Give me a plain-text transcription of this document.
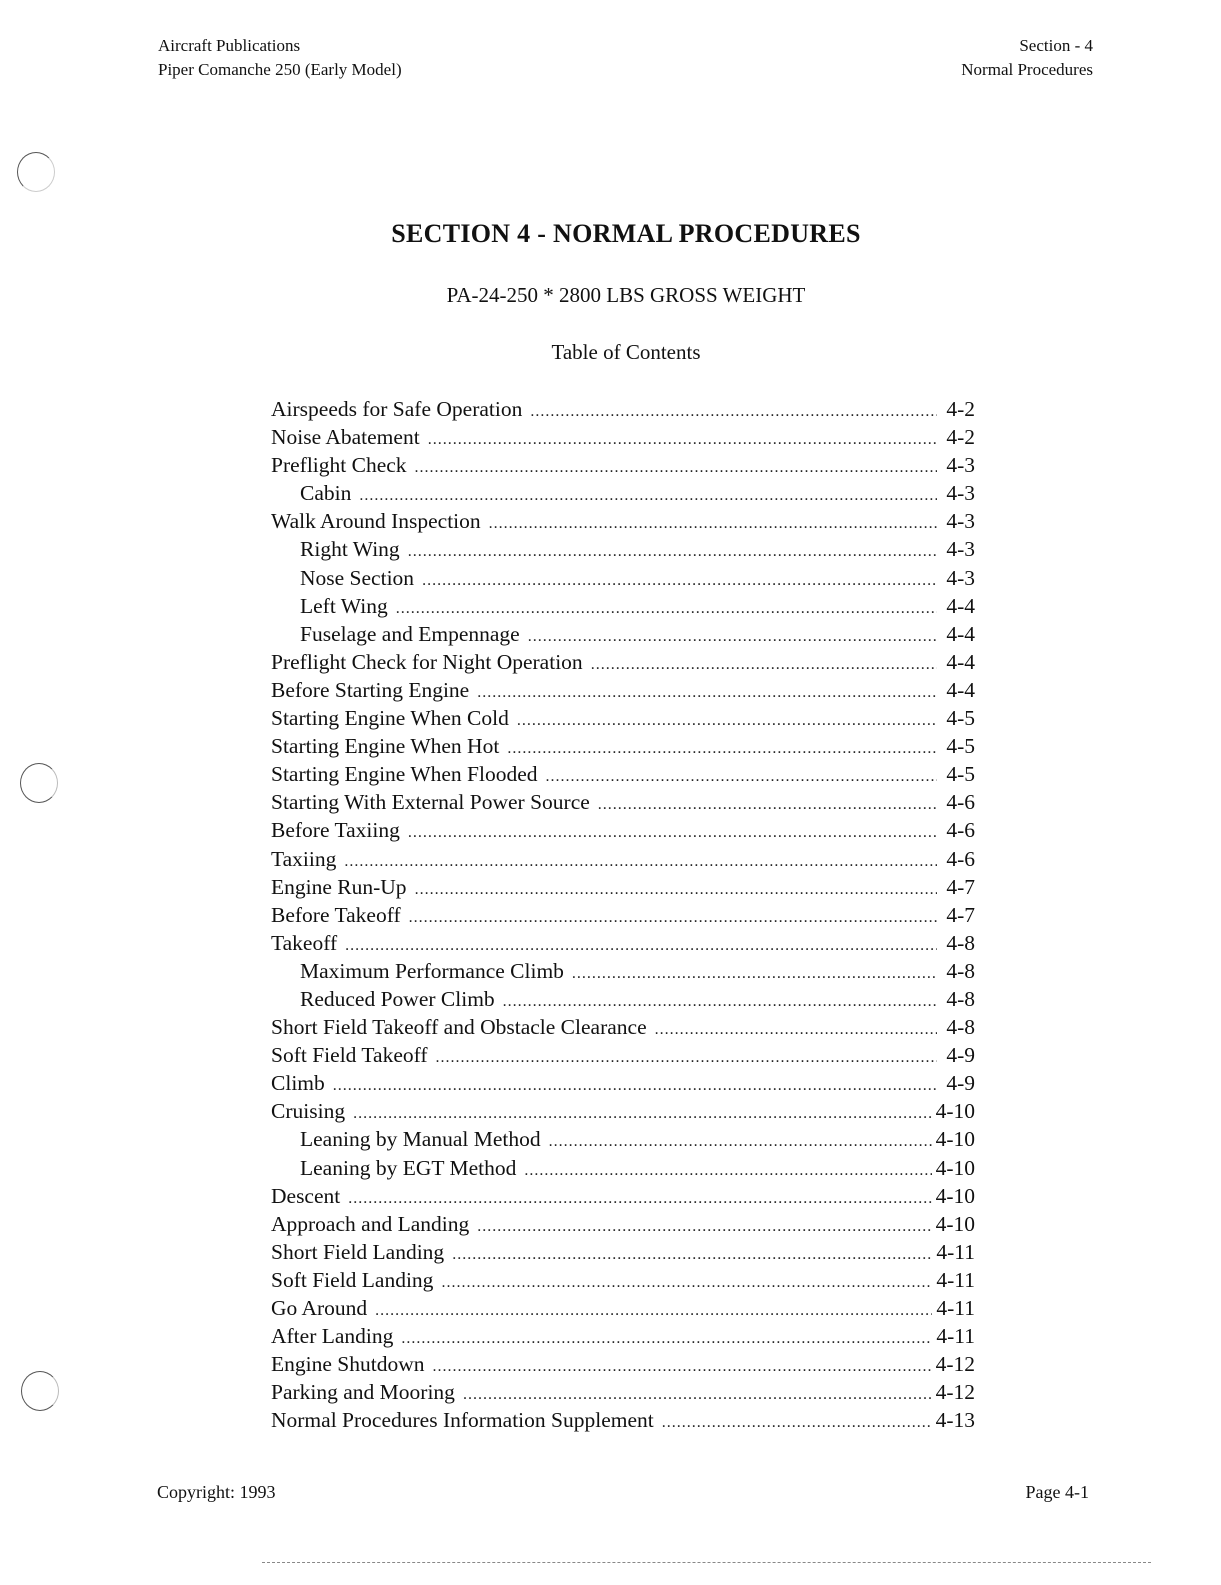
Aircraft Publications
Piper Comanche 250 (Early Model)
Section - 4
Normal Procedures
SECTION 4 - NORMAL PROCEDURES
PA-24-250 * 2800 LBS GROSS WEIGHT
Table of Contents
Airspeeds for Safe Operation .....	4-2
Noise Abatement .....	4-2
Preflight Check .....	4-3
Cabin .....	4-3
Walk Around Inspection .....	4-3
Right Wing .....	4-3
Nose Section .....	4-3
Left Wing .....	4-4
Fuselage and Empennage .....	4-4
Preflight Check for Night Operation .....	4-4
Before Starting Engine .....	4-4
Starting Engine When Cold .....	4-5
Starting Engine When Hot .....	4-5
Starting Engine When Flooded .....	4-5
Starting With External Power Source .....	4-6
Before Taxiing .....	4-6
Taxiing .....	4-6
Engine Run-Up .....	4-7
Before Takeoff .....	4-7
Takeoff .....	4-8
Maximum Performance Climb .....	4-8
Reduced Power Climb .....	4-8
Short Field Takeoff and Obstacle Clearance .....	4-8
Soft Field Takeoff .....	4-9
Climb .....	4-9
Cruising .....	4-10
Leaning by Manual Method .....	4-10
Leaning by EGT Method .....	4-10
Descent .....	4-10
Approach and Landing .....	4-10
Short Field Landing .....	4-11
Soft Field Landing .....	4-11
Go Around .....	4-11
After Landing .....	4-11
Engine Shutdown .....	4-12
Parking and Mooring .....	4-12
Normal Procedures Information Supplement .....	4-13
Copyright: 1993	Page 4-1
